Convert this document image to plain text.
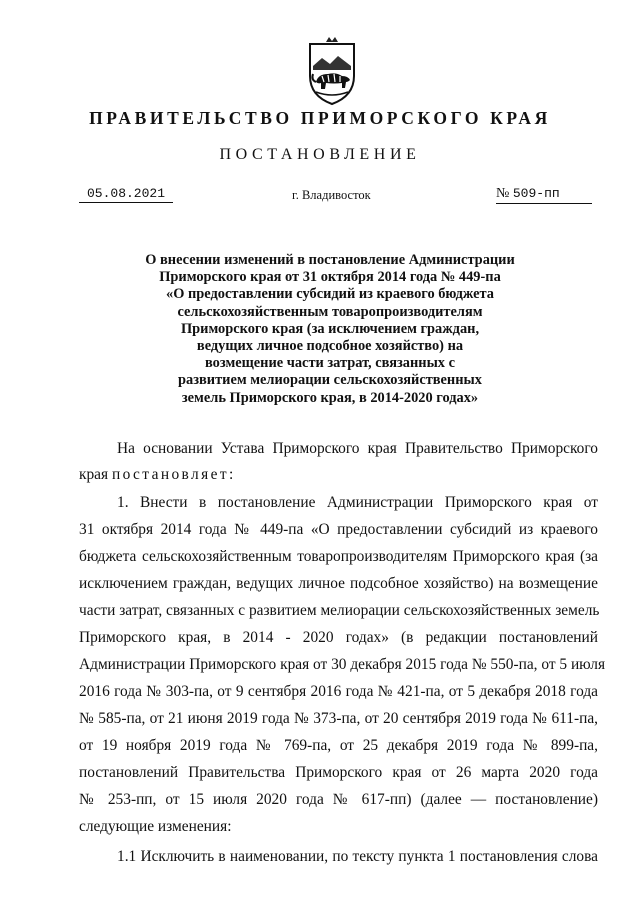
ПРАВИТЕЛЬСТВО ПРИМОРСКОГО КРАЯ
ПОСТАНОВЛЕНИЕ
05.08.2021	г. Владивосток	№ 509-пп
О внесении изменений в постановление Администрации
Приморского края от 31 октября 2014 года № 449-па
«О предоставлении субсидий из краевого бюджета
сельскохозяйственным товаропроизводителям
Приморского края (за исключением граждан,
ведущих личное подсобное хозяйство) на
возмещение части затрат, связанных с
развитием мелиорации сельскохозяйственных
земель Приморского края, в 2014-2020 годах»
На основании Устава Приморского края Правительство Приморского
края постановляет:
1. Внести в постановление Администрации Приморского края от
31 октября 2014 года № 449-па «О предоставлении субсидий из краевого
бюджета сельскохозяйственным товаропроизводителям Приморского края (за
исключением граждан, ведущих личное подсобное хозяйство) на возмещение
части затрат, связанных с развитием мелиорации сельскохозяйственных земель
Приморского края, в 2014 - 2020 годах» (в редакции постановлений
Администрации Приморского края от 30 декабря 2015 года № 550-па, от 5 июля
2016 года № 303-па, от 9 сентября 2016 года № 421-па, от 5 декабря 2018 года
№ 585-па, от 21 июня 2019 года № 373-па, от 20 сентября 2019 года № 611-па,
от 19 ноября 2019 года № 769-па, от 25 декабря 2019 года № 899-па,
постановлений Правительства Приморского края от 26 марта 2020 года
№ 253-пп, от 15 июля 2020 года № 617-пп) (далее — постановление)
следующие изменения:
1.1 Исключить в наименовании, по тексту пункта 1 постановления слова
